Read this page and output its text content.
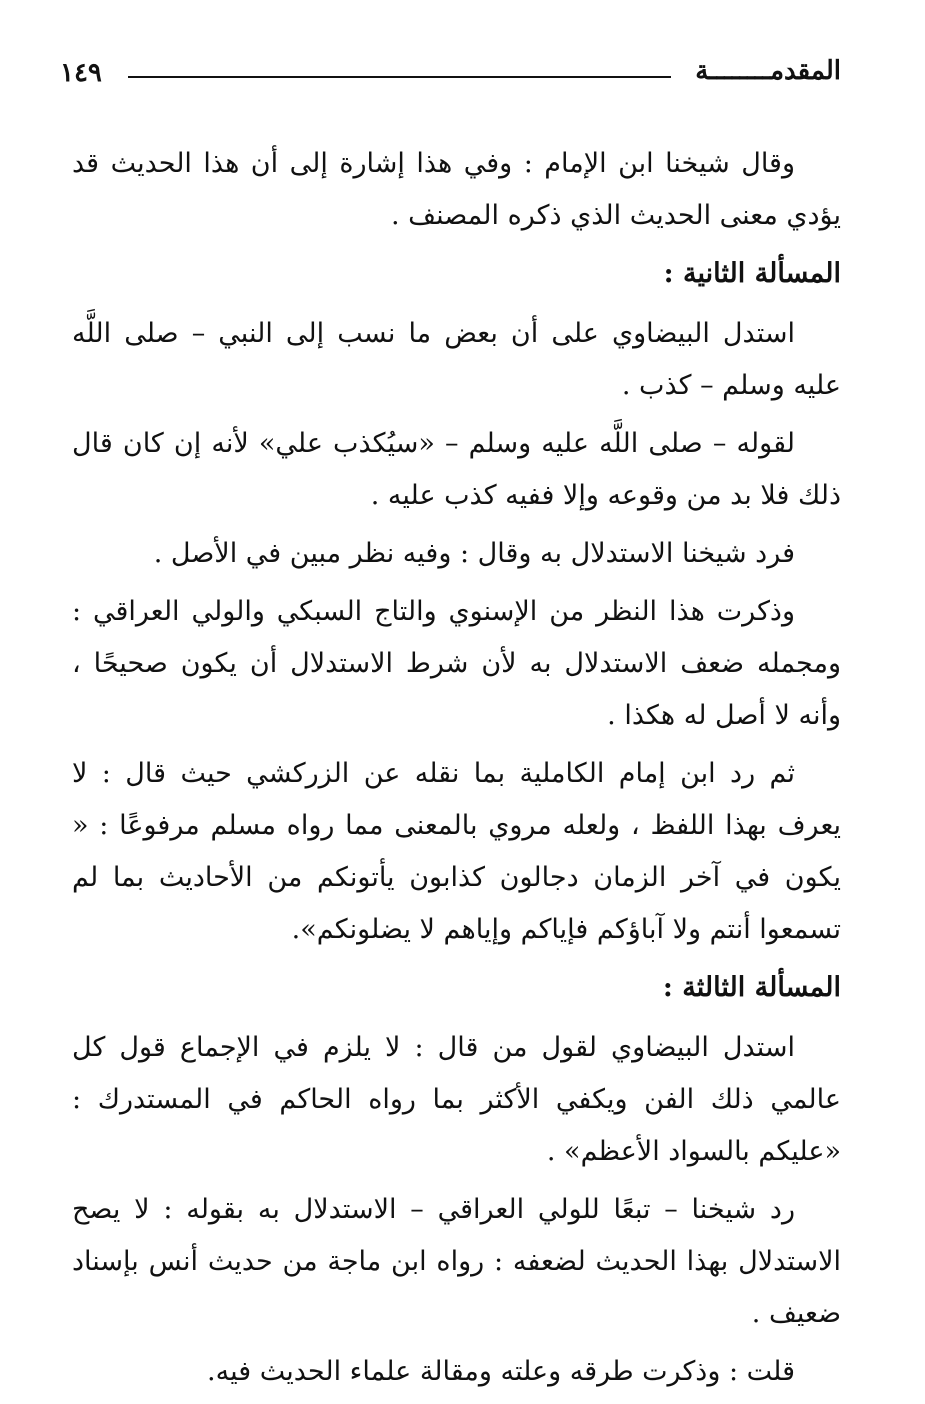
المقدمــــــــة
١٤٩

وقال شيخنا ابن الإمام : وفي هذا إشارة إلى أن هذا الحديث قد يؤدي معنى الحديث الذي ذكره المصنف .

المسألة الثانية :

استدل البيضاوي على أن بعض ما نسب إلى النبي – صلى اللَّه عليه وسلم – كذب .

لقوله – صلى اللَّه عليه وسلم – «سيُكذب علي» لأنه إن كان قال ذلك فلا بد من وقوعه وإلا ففيه كذب عليه .

فرد شيخنا الاستدلال به وقال : وفيه نظر مبين في الأصل .

وذكرت هذا النظر من الإسنوي والتاج السبكي والولي العراقي : ومجمله ضعف الاستدلال به لأن شرط الاستدلال أن يكون صحيحًا ، وأنه لا أصل له هكذا .

ثم رد ابن إمام الكاملية بما نقله عن الزركشي حيث قال : لا يعرف بهذا اللفظ ، ولعله مروي بالمعنى مما رواه مسلم مرفوعًا : « يكون في آخر الزمان دجالون كذابون يأتونكم من الأحاديث بما لم تسمعوا أنتم ولا آباؤكم فإياكم وإياهم لا يضلونكم».

المسألة الثالثة :

استدل البيضاوي لقول من قال : لا يلزم في الإجماع قول كل عالمي ذلك الفن ويكفي الأكثر بما رواه الحاكم في المستدرك : «عليكم بالسواد الأعظم» .

رد شيخنا – تبعًا للولي العراقي – الاستدلال به بقوله : لا يصح الاستدلال بهذا الحديث لضعفه : رواه ابن ماجة من حديث أنس بإسناد ضعيف .

قلت : وذكرت طرقه وعلته ومقالة علماء الحديث فيه.
